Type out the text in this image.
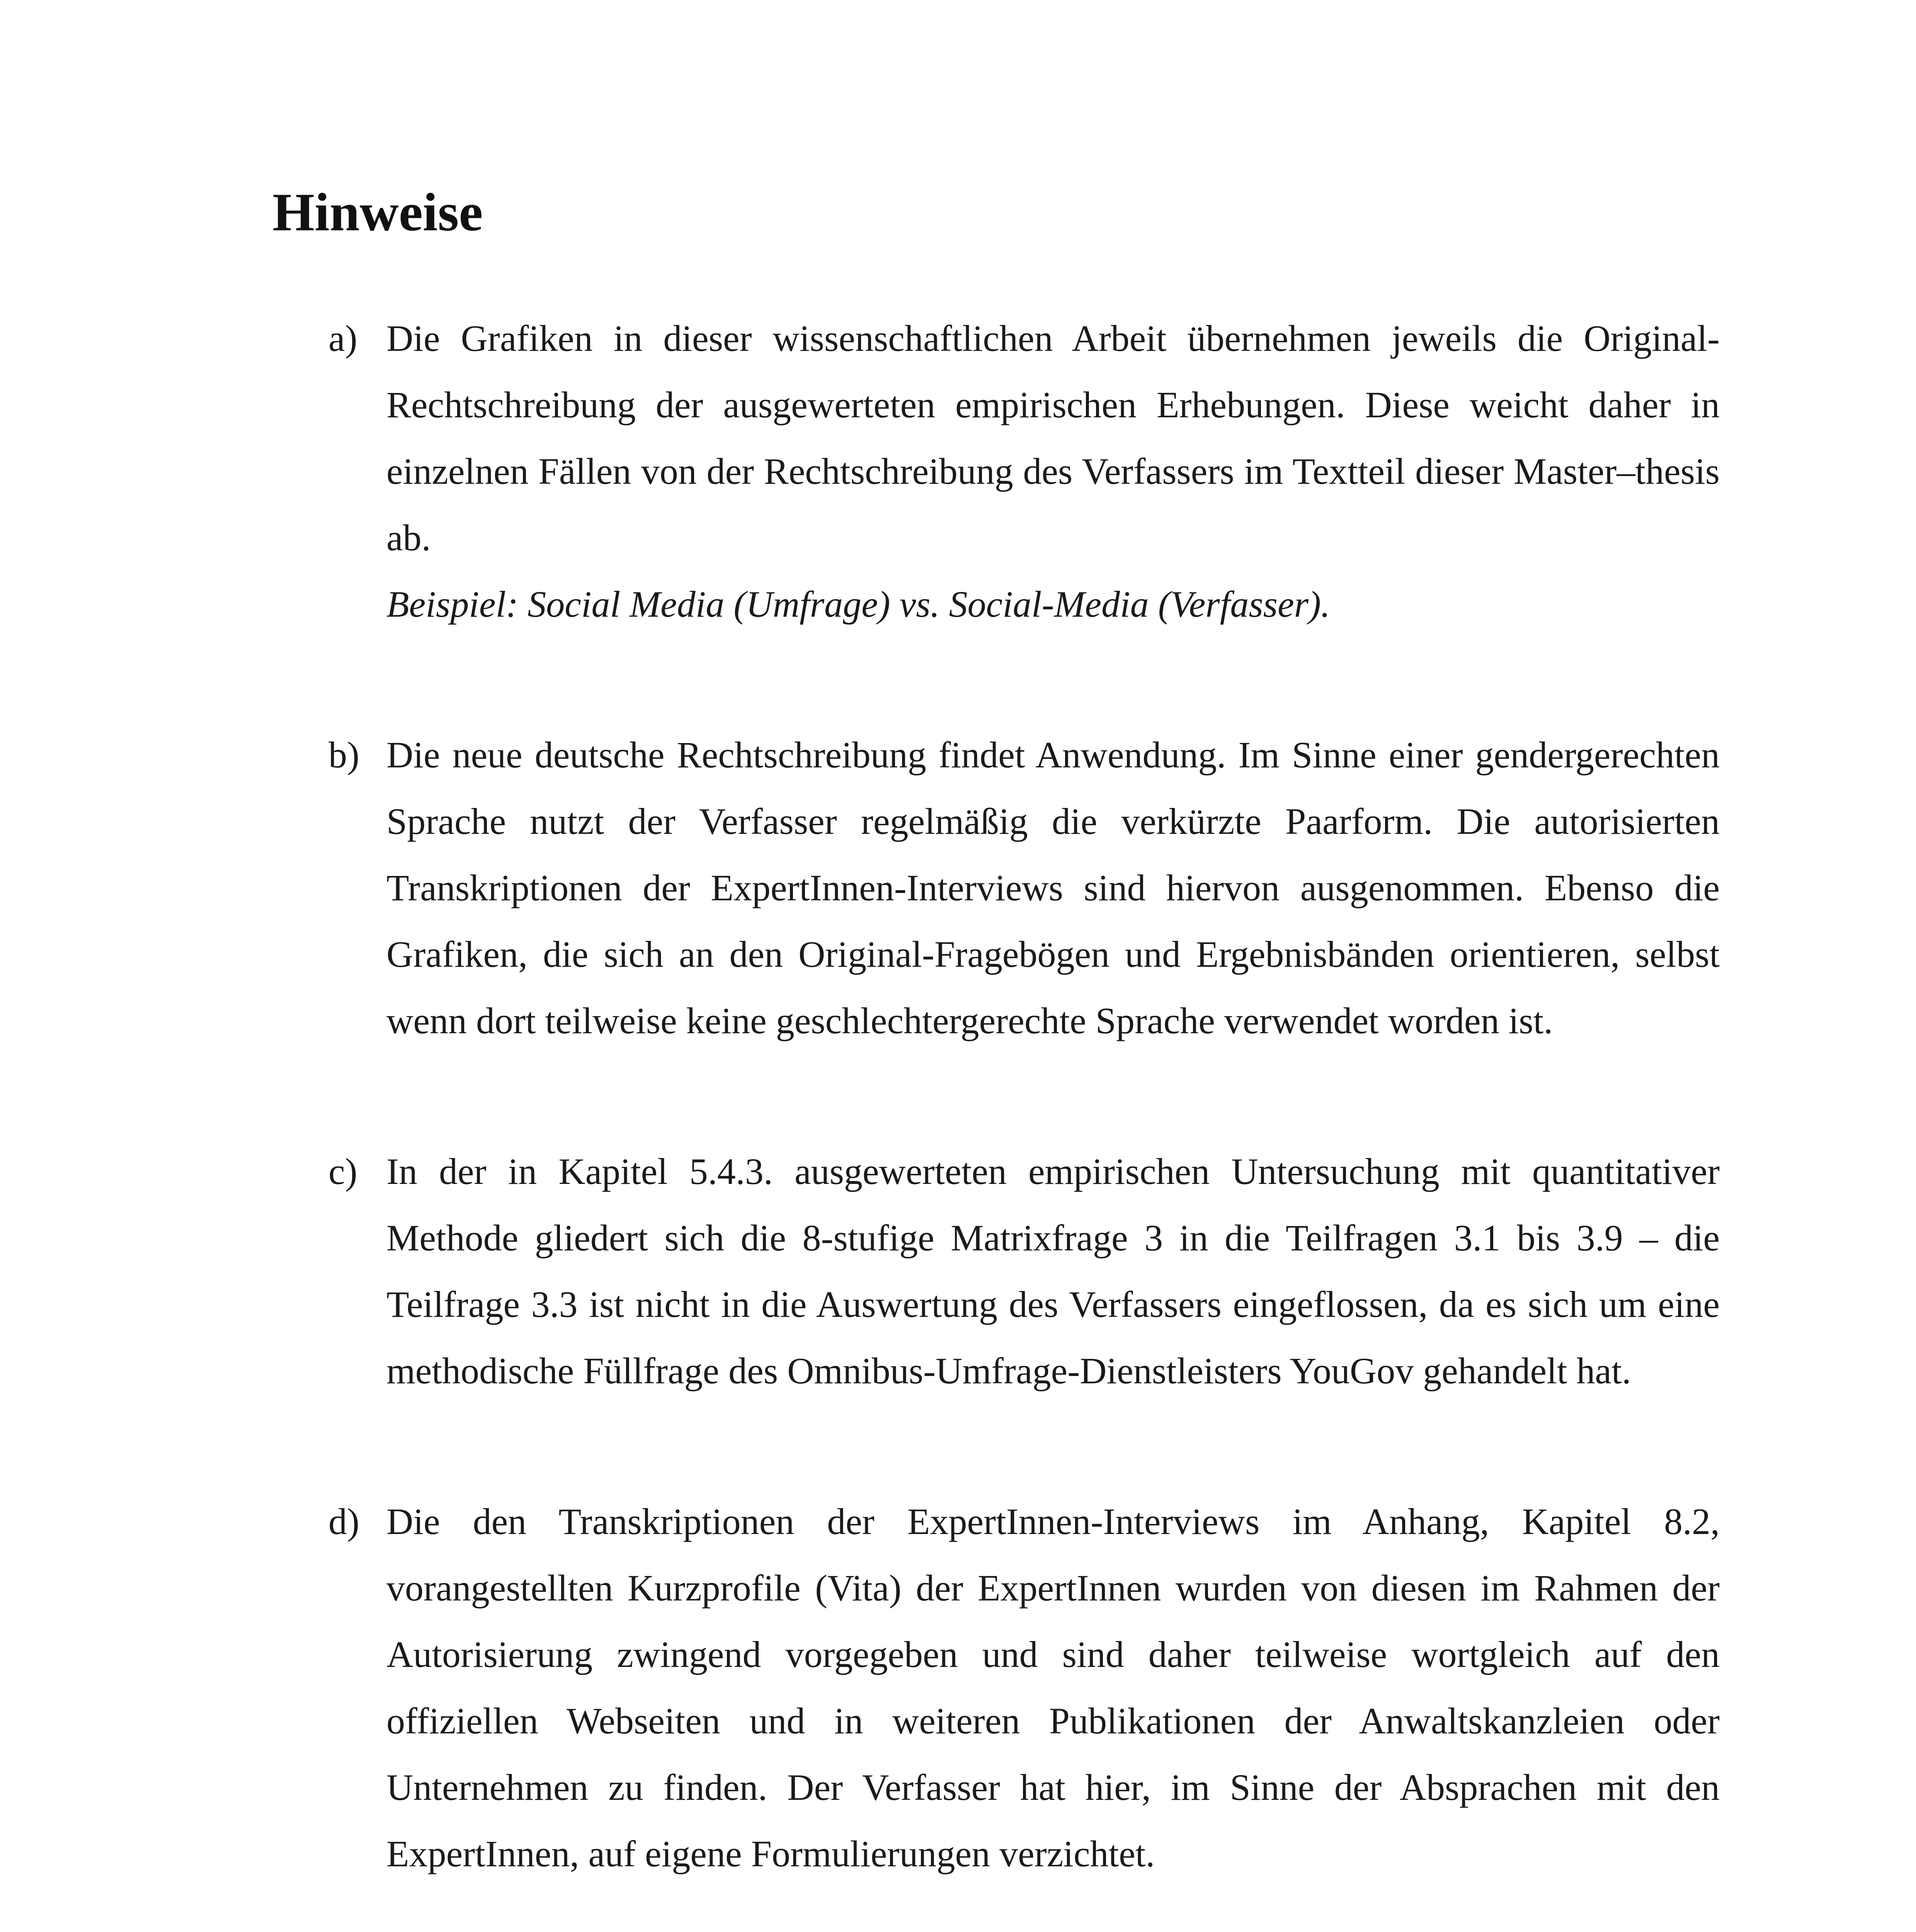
Hinweise
a) Die Grafiken in dieser wissenschaftlichen Arbeit übernehmen jeweils die Original-Rechtschreibung der ausgewerteten empirischen Erhebungen. Diese weicht daher in einzelnen Fällen von der Rechtschreibung des Verfassers im Textteil dieser Master–thesis ab.
Beispiel: Social Media (Umfrage) vs. Social-Media (Verfasser).
b) Die neue deutsche Rechtschreibung findet Anwendung. Im Sinne einer gendergerechten Sprache nutzt der Verfasser regelmäßig die verkürzte Paarform. Die autorisierten Transkriptionen der ExpertInnen-Interviews sind hiervon ausgenommen. Ebenso die Grafiken, die sich an den Original-Fragebögen und Ergebnisbänden orientieren, selbst wenn dort teilweise keine geschlechtergerechte Sprache verwendet worden ist.
c) In der in Kapitel 5.4.3. ausgewerteten empirischen Untersuchung mit quantitativer Methode gliedert sich die 8-stufige Matrixfrage 3 in die Teilfragen 3.1 bis 3.9 – die Teilfrage 3.3 ist nicht in die Auswertung des Verfassers eingeflossen, da es sich um eine methodische Füllfrage des Omnibus-Umfrage-Dienstleisters YouGov gehandelt hat.
d) Die den Transkriptionen der ExpertInnen-Interviews im Anhang, Kapitel 8.2, vorangestellten Kurzprofile (Vita) der ExpertInnen wurden von diesen im Rahmen der Autorisierung zwingend vorgegeben und sind daher teilweise wortgleich auf den offiziellen Webseiten und in weiteren Publikationen der Anwaltskanzleien oder Unternehmen zu finden. Der Verfasser hat hier, im Sinne der Absprachen mit den ExpertInnen, auf eigene Formulierungen verzichtet.
